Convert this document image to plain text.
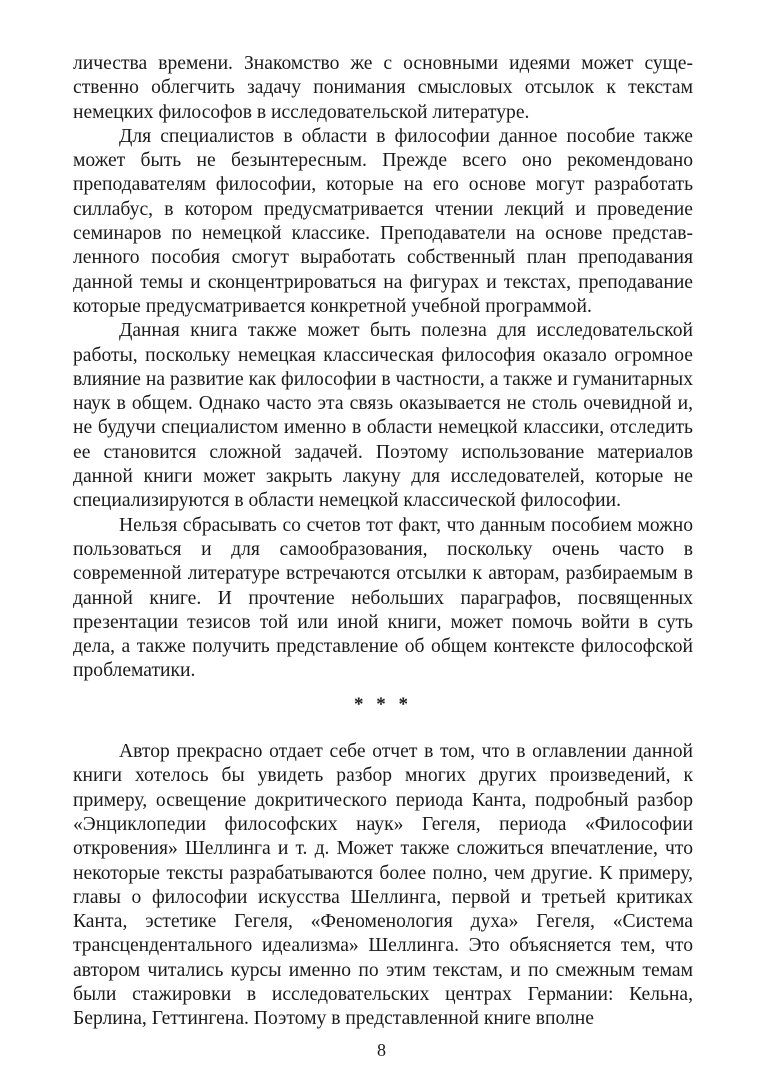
личества времени. Знакомство же с основными идеями может существенно облегчить задачу понимания смысловых отсылок к текстам немецких философов в исследовательской литературе.

Для специалистов в области в философии данное пособие также может быть не безынтересным. Прежде всего оно рекомендовано преподавателям философии, которые на его основе могут разработать силлабус, в котором предусматривается чтении лекций и проведение семинаров по немецкой классике. Преподаватели на основе представленного пособия смогут выработать собственный план преподавания данной темы и сконцентрироваться на фигурах и текстах, преподавание которые предусматривается конкретной учебной программой.

Данная книга также может быть полезна для исследовательской работы, поскольку немецкая классическая философия оказало огромное влияние на развитие как философии в частности, а также и гуманитарных наук в общем. Однако часто эта связь оказывается не столь очевидной и, не будучи специалистом именно в области немецкой классики, отследить ее становится сложной задачей. Поэтому использование материалов данной книги может закрыть лакуну для исследователей, которые не специализируются в области немецкой классической философии.

Нельзя сбрасывать со счетов тот факт, что данным пособием можно пользоваться и для самообразования, поскольку очень часто в современной литературе встречаются отсылки к авторам, разбираемым в данной книге. И прочтение небольших параграфов, посвященных презентации тезисов той или иной книги, может помочь войти в суть дела, а также получить представление об общем контексте философской проблематики.

* * *

Автор прекрасно отдает себе отчет в том, что в оглавлении данной книги хотелось бы увидеть разбор многих других произведений, к примеру, освещение докритического периода Канта, подробный разбор «Энциклопедии философских наук» Гегеля, периода «Философии откровения» Шеллинга и т. д. Может также сложиться впечатление, что некоторые тексты разрабатываются более полно, чем другие. К примеру, главы о философии искусства Шеллинга, первой и третьей критиках Канта, эстетике Гегеля, «Феноменология духа» Гегеля, «Система трансцендентального идеализма» Шеллинга. Это объясняется тем, что автором читались курсы именно по этим текстам, и по смежным темам были стажировки в исследовательских центрах Германии: Кельна, Берлина, Геттингена. Поэтому в представленной книге вполне

8
